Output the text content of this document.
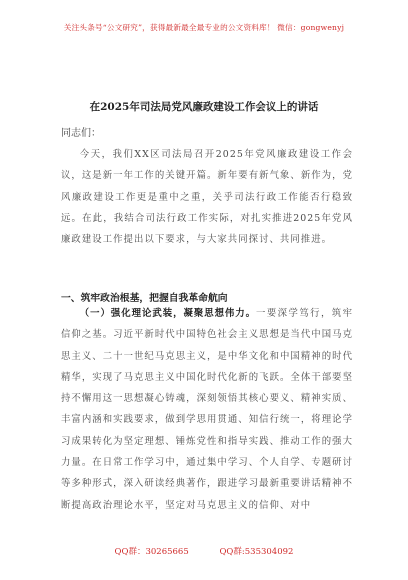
关注头条号“公文研究”，获得最新最全最专业的公文资料库！ 微信：gongwenyj
在2025年司法局党风廉政建设工作会议上的讲话
同志们：

今天，我们XX区司法局召开2025年党风廉政建设工作会议，这是新一年工作的关键开篇。新年要有新气象、新作为，党风廉政建设工作更是重中之重，关乎司法行政工作能否行稳致远。在此，我结合司法行政工作实际，对扎实推进2025年党风廉政建设工作提出以下要求，与大家共同探讨、共同推进。

一、筑牢政治根基，把握自我革命航向

（一）强化理论武装，凝聚思想伟力。一要深学笃行，筑牢信仰之基。习近平新时代中国特色社会主义思想是当代中国马克思主义、二十一世纪马克思主义，是中华文化和中国精神的时代精华，实现了马克思主义中国化时代化新的飞跃。全体干部要坚持不懈用这一思想凝心铸魂，深刻领悟其核心要义、精神实质、丰富内涵和实践要求，做到学思用贯通、知信行统一，将理论学习成果转化为坚定理想、锤炼党性和指导实践、推动工作的强大力量。在日常工作学习中，通过集中学习、个人自学、专题研讨等多种形式，深入研读经典著作，跟进学习最新重要讲话精神不断提高政治理论水平，坚定对马克思主义的信仰、对中

QQ群：30265665	QQ群:535304092
